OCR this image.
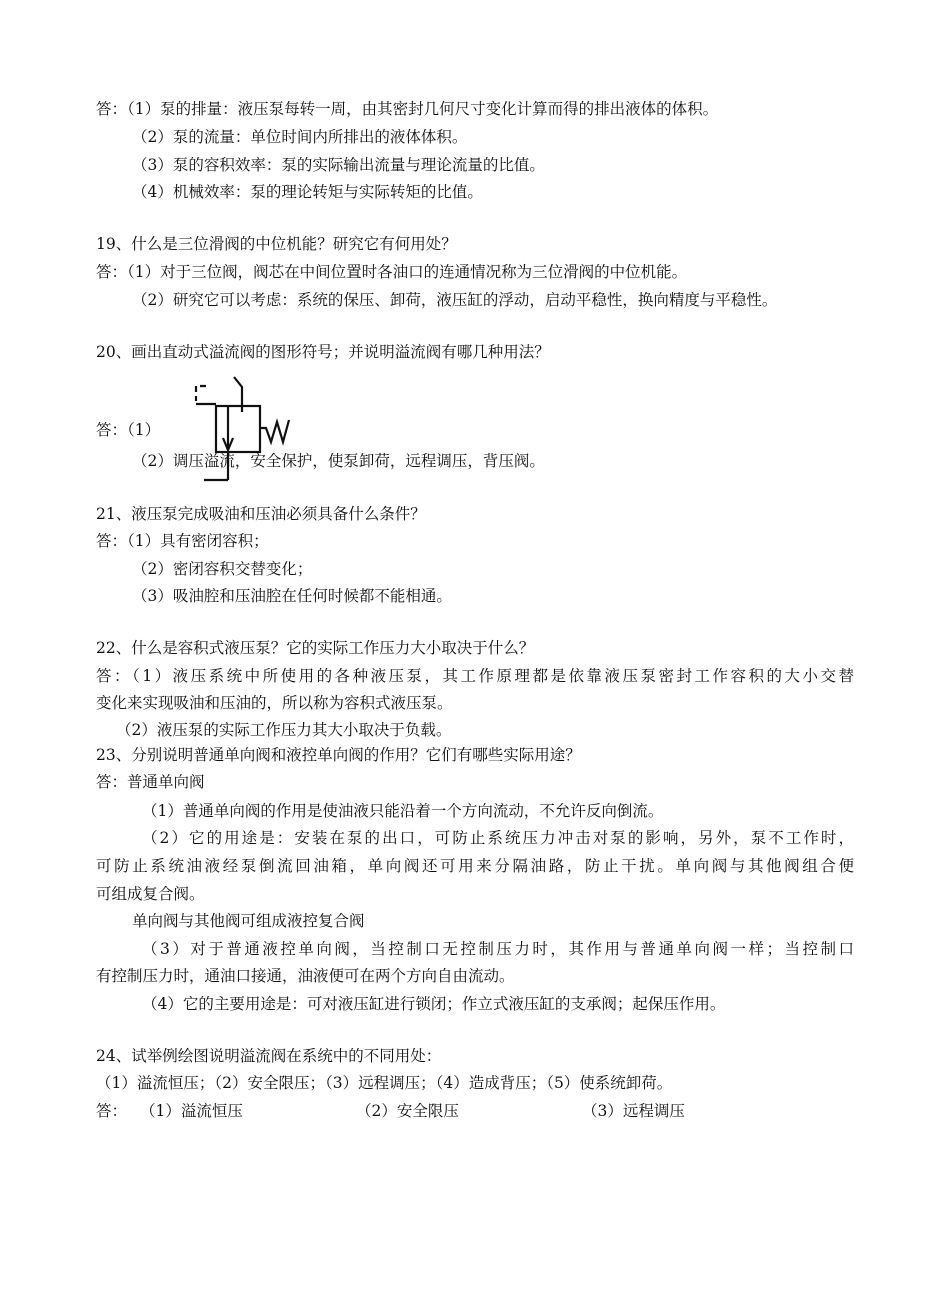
答：（1）泵的排量：液压泵每转一周，由其密封几何尺寸变化计算而得的排出液体的体积。
（2）泵的流量：单位时间内所排出的液体体积。
（3）泵的容积效率：泵的实际输出流量与理论流量的比值。
（4）机械效率：泵的理论转矩与实际转矩的比值。
19、什么是三位滑阀的中位机能？研究它有何用处？
答：（1）对于三位阀，阀芯在中间位置时各油口的连通情况称为三位滑阀的中位机能。
（2）研究它可以考虑：系统的保压、卸荷，液压缸的浮动，启动平稳性，换向精度与平稳性。
20、画出直动式溢流阀的图形符号；并说明溢流阀有哪几种用法？
答：（1）	W
（2）调压溢流，安全保护，使泵卸荷，远程调压，背压阀。
21、液压泵完成吸油和压油必须具备什么条件？
答：（1）具有密闭容积；
（2）密闭容积交替变化；
（3）吸油腔和压油腔在任何时候都不能相通。
22、什么是容积式液压泵？它的实际工作压力大小取决于什么？
答：（1）液压系统中所使用的各种液压泵，其工作原理都是依靠液压泵密封工作容积的大小交替
变化来实现吸油和压油的，所以称为容积式液压泵。
（2）液压泵的实际工作压力其大小取决于负载。
23、分别说明普通单向阀和液控单向阀的作用？它们有哪些实际用途？
答：普通单向阀
（1）普通单向阀的作用是使油液只能沿着一个方向流动，不允许反向倒流。
（2）它的用途是：安装在泵的出口，可防止系统压力冲击对泵的影响，另外，泵不工作时，
可防止系统油液经泵倒流回油箱，单向阀还可用来分隔油路，防止干扰。单向阀与其他阀组合便
可组成复合阀。
单向阀与其他阀可组成液控复合阀
（3）对于普通液控单向阀，当控制口无控制压力时，其作用与普通单向阀一样；当控制口
有控制压力时，通油口接通，油液便可在两个方向自由流动。
（4）它的主要用途是：可对液压缸进行锁闭；作立式液压缸的支承阀；起保压作用。
24、试举例绘图说明溢流阀在系统中的不同用处：
（1）溢流恒压；（2）安全限压；（3）远程调压；（4）造成背压；（5）使系统卸荷。
答： （1）溢流恒压	（2）安全限压	（3）远程调压
